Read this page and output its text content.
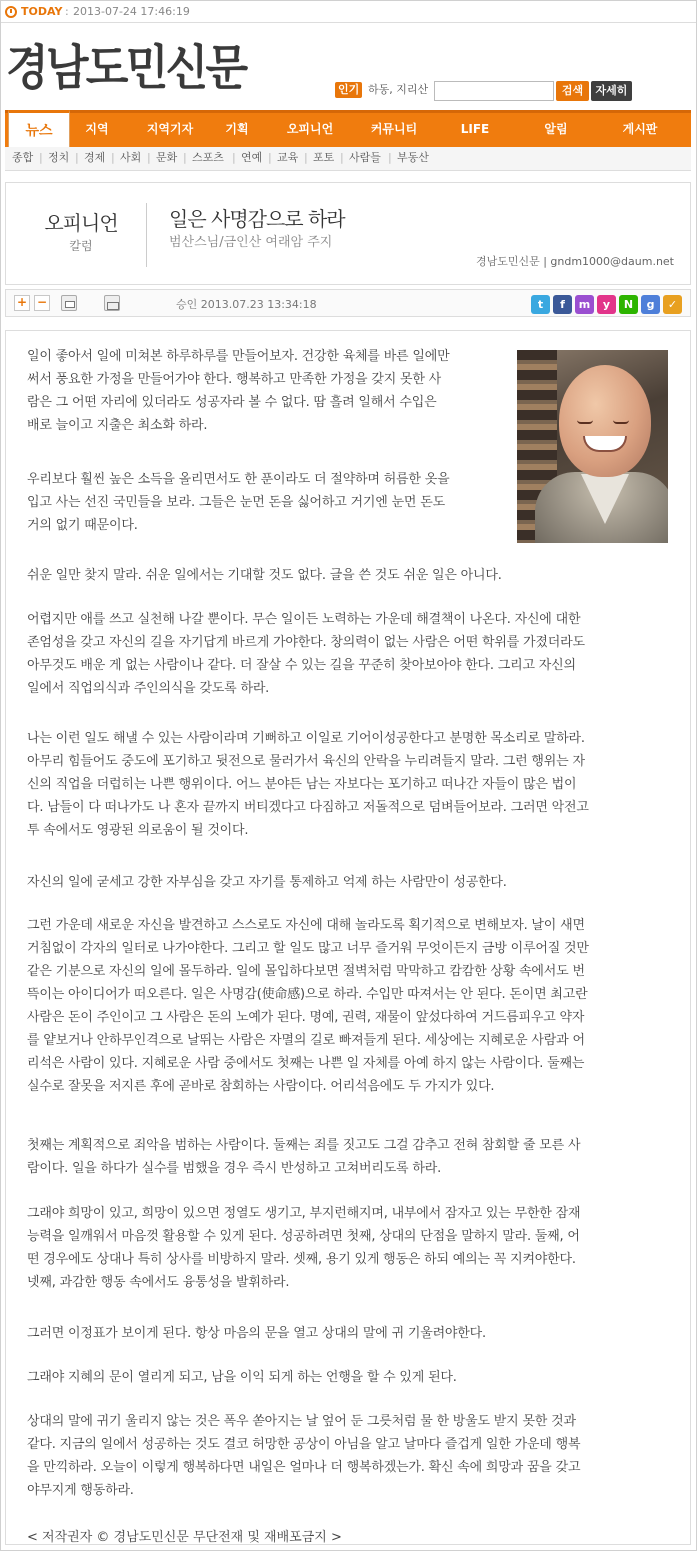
TODAY : 2013-07-24 17:46:19
경남도민신문	인기 하동, 지리산	검색	자세히
뉴스	지역	지역기자	기획	오피니언	커뮤니티	LIFE	알림	게시판
종합 | 정치 | 경제 | 사회 | 문화 | 스포츠 | 연예 | 교육 | 포토 | 사람들 | 부동산
오피니언
칼럼
일은 사명감으로 하라
범산스님/금인산 여래암 주지
경남도민신문 | gndm1000@daum.net
+ −	승인 2013.07.23 13:34:18	t	f	m	y	N	g	✓
일이 좋아서 일에 미쳐본 하루하루를 만들어보자. 건강한 육체를 바른 일에만
써서 풍요한 가정을 만들어가야 한다. 행복하고 만족한 가정을 갖지 못한 사
람은 그 어떤 자리에 있더라도 성공자라 볼 수 없다. 땀 흘려 일해서 수입은
배로 늘이고 지출은 최소화 하라.
우리보다 훨씬 높은 소득을 올리면서도 한 푼이라도 더 절약하며 허름한 옷을
입고 사는 선진 국민들을 보라. 그들은 눈먼 돈을 싫어하고 거기엔 눈먼 돈도
거의 없기 때문이다.
쉬운 일만 찾지 말라. 쉬운 일에서는 기대할 것도 없다. 글을 쓴 것도 쉬운 일은 아니다.
어렵지만 애를 쓰고 실천해 나갈 뿐이다. 무슨 일이든 노력하는 가운데 해결책이 나온다. 자신에 대한
존엄성을 갖고 자신의 길을 자기답게 바르게 가야한다. 창의력이 없는 사람은 어떤 학위를 가졌더라도
아무것도 배운 게 없는 사람이나 같다. 더 잘살 수 있는 길을 꾸준히 찾아보아야 한다. 그리고 자신의
일에서 직업의식과 주인의식을 갖도록 하라.
나는 이런 일도 해낼 수 있는 사람이라며 기뻐하고 이일로 기어이성공한다고 분명한 목소리로 말하라.
아무리 힘들어도 중도에 포기하고 뒷전으로 물러가서 육신의 안락을 누리려들지 말라. 그런 행위는 자
신의 직업을 더럽히는 나쁜 행위이다. 어느 분야든 남는 자보다는 포기하고 떠나간 자들이 많은 법이
다. 남들이 다 떠나가도 나 혼자 끝까지 버티겠다고 다짐하고 저돌적으로 덤벼들어보라. 그러면 악전고
투 속에서도 영광된 의로움이 될 것이다.
자신의 일에 굳세고 강한 자부심을 갖고 자기를 통제하고 억제 하는 사람만이 성공한다.
그런 가운데 새로운 자신을 발견하고 스스로도 자신에 대해 놀라도록 획기적으로 변해보자. 날이 새면
거침없이 각자의 일터로 나가야한다. 그리고 할 일도 많고 너무 즐거워 무엇이든지 금방 이루어질 것만
같은 기분으로 자신의 일에 몰두하라. 일에 몰입하다보면 절벽처럼 막막하고 캄캄한 상황 속에서도 번
뜩이는 아이디어가 떠오른다. 일은 사명감(使命感)으로 하라. 수입만 따져서는 안 된다. 돈이면 최고란
사람은 돈이 주인이고 그 사람은 돈의 노예가 된다. 명예, 권력, 재물이 앞섰다하여 거드름피우고 약자
를 얕보거나 안하무인격으로 날뛰는 사람은 자멸의 길로 빠져들게 된다. 세상에는 지혜로운 사람과 어
리석은 사람이 있다. 지혜로운 사람 중에서도 첫째는 나쁜 일 자체를 아예 하지 않는 사람이다. 둘째는
실수로 잘못을 저지른 후에 곧바로 참회하는 사람이다. 어리석음에도 두 가지가 있다.
첫째는 계획적으로 죄악을 범하는 사람이다. 둘째는 죄를 짓고도 그걸 감추고 전혀 참회할 줄 모른 사
람이다. 일을 하다가 실수를 범했을 경우 즉시 반성하고 고쳐버리도록 하라.
그래야 희망이 있고, 희망이 있으면 정열도 생기고, 부지런해지며, 내부에서 잠자고 있는 무한한 잠재
능력을 일깨워서 마음껏 활용할 수 있게 된다. 성공하려면 첫째, 상대의 단점을 말하지 말라. 둘째, 어
떤 경우에도 상대나 특히 상사를 비방하지 말라. 셋째, 용기 있게 행동은 하되 예의는 꼭 지켜야한다.
넷째, 과감한 행동 속에서도 융통성을 발휘하라.
그러면 이정표가 보이게 된다. 항상 마음의 문을 열고 상대의 말에 귀 기울려야한다.
그래야 지혜의 문이 열리게 되고, 남을 이익 되게 하는 언행을 할 수 있게 된다.
상대의 말에 귀기 울리지 않는 것은 폭우 쏟아지는 날 엎어 둔 그릇처럼 물 한 방울도 받지 못한 것과
같다. 지금의 일에서 성공하는 것도 결코 허망한 공상이 아님을 알고 날마다 즐겁게 일한 가운데 행복
을 만끽하라. 오늘이 이렇게 행복하다면 내일은 얼마나 더 행복하겠는가. 확신 속에 희망과 꿈을 갖고
야무지게 행동하라.
< 저작권자 © 경남도민신문 무단전재 및 재배포금지 >
